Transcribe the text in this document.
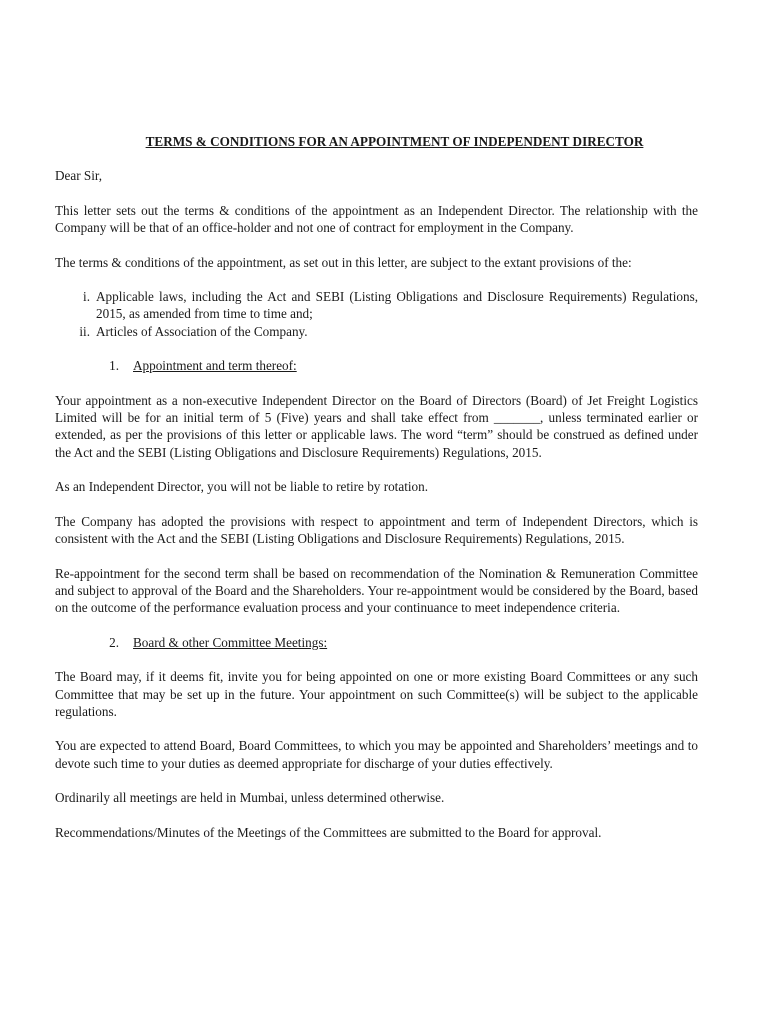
TERMS & CONDITIONS FOR AN APPOINTMENT OF INDEPENDENT DIRECTOR

Dear Sir,

This letter sets out the terms & conditions of the appointment as an Independent Director. The relationship with the Company will be that of an office-holder and not one of contract for employment in the Company.

The terms & conditions of the appointment, as set out in this letter, are subject to the extant provisions of the:

i. Applicable laws, including the Act and SEBI (Listing Obligations and Disclosure Requirements) Regulations, 2015, as amended from time to time and;
ii. Articles of Association of the Company.
1.	Appointment and term thereof:

Your appointment as a non-executive Independent Director on the Board of Directors (Board) of Jet Freight Logistics Limited will be for an initial term of 5 (Five) years and shall take effect from _______, unless terminated earlier or extended, as per the provisions of this letter or applicable laws. The word “term” should be construed as defined under the Act and the SEBI (Listing Obligations and Disclosure Requirements) Regulations, 2015.

As an Independent Director, you will not be liable to retire by rotation.

The Company has adopted the provisions with respect to appointment and term of Independent Directors, which is consistent with the Act and the SEBI (Listing Obligations and Disclosure Requirements) Regulations, 2015.

Re-appointment for the second term shall be based on recommendation of the Nomination & Remuneration Committee and subject to approval of the Board and the Shareholders. Your re-appointment would be considered by the Board, based on the outcome of the performance evaluation process and your continuance to meet independence criteria.

2.	Board & other Committee Meetings:

The Board may, if it deems fit, invite you for being appointed on one or more existing Board Committees or any such Committee that may be set up in the future. Your appointment on such Committee(s) will be subject to the applicable regulations.

You are expected to attend Board, Board Committees, to which you may be appointed and Shareholders’ meetings and to devote such time to your duties as deemed appropriate for discharge of your duties effectively.

Ordinarily all meetings are held in Mumbai, unless determined otherwise.

Recommendations/Minutes of the Meetings of the Committees are submitted to the Board for approval.
